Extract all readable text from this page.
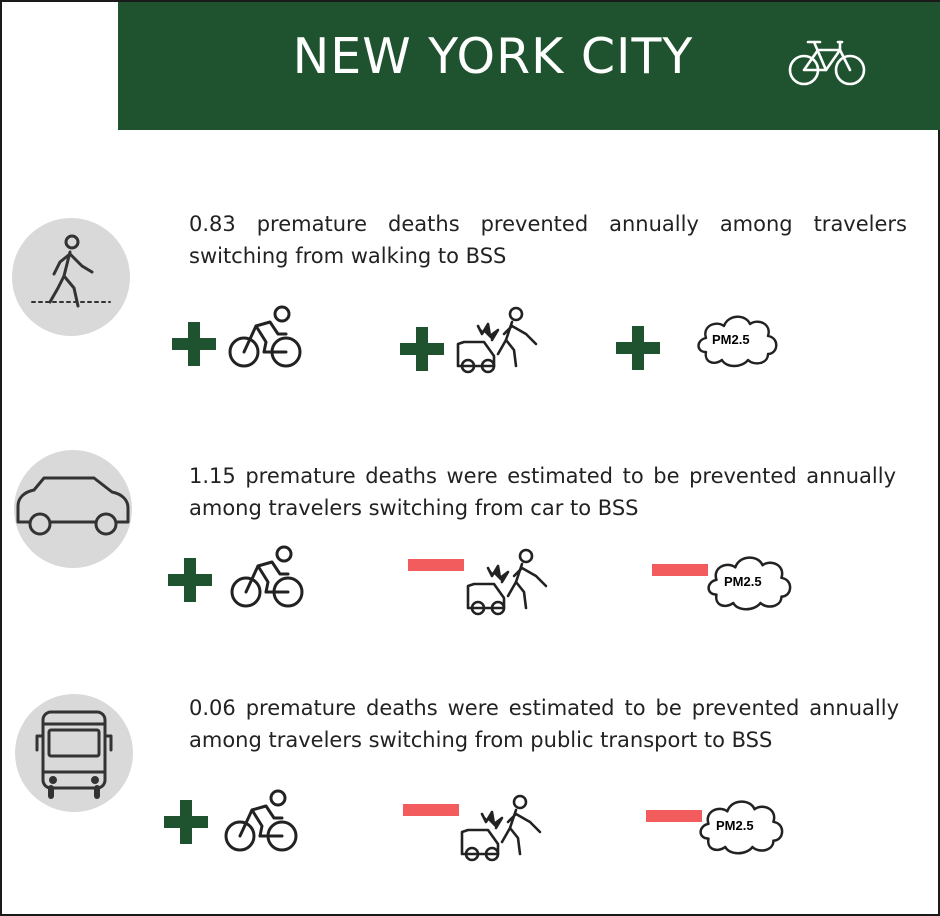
NEW YORK CITY
0.83 premature deaths prevented annually among travelers switching from walking to BSS
PM2.5
1.15 premature deaths were estimated to be prevented annually among travelers switching from car to BSS
PM2.5
0.06 premature deaths were estimated to be prevented annually among travelers switching from public transport to BSS
PM2.5
